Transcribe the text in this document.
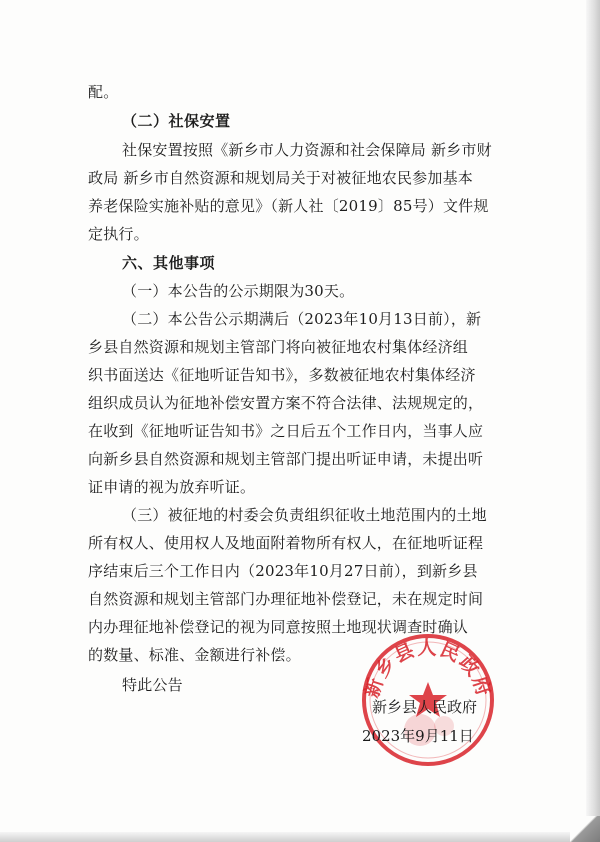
配。
（二）社保安置
社保安置按照《新乡市人力资源和社会保障局 新乡市财
政局 新乡市自然资源和规划局关于对被征地农民参加基本
养老保险实施补贴的意见》（新人社〔2019〕85号）文件规
定执行。
六、其他事项
（一）本公告的公示期限为30天。
（二）本公告公示期满后（2023年10月13日前），新
乡县自然资源和规划主管部门将向被征地农村集体经济组
织书面送达《征地听证告知书》，多数被征地农村集体经济
组织成员认为征地补偿安置方案不符合法律、法规规定的，
在收到《征地听证告知书》之日后五个工作日内，当事人应
向新乡县自然资源和规划主管部门提出听证申请，未提出听
证申请的视为放弃听证。
（三）被征地的村委会负责组织征收土地范围内的土地
所有权人、使用权人及地面附着物所有权人，在征地听证程
序结束后三个工作日内（2023年10月27日前），到新乡县
自然资源和规划主管部门办理征地补偿登记，未在规定时间
内办理征地补偿登记的视为同意按照土地现状调查时确认
的数量、标准、金额进行补偿。
特此公告	新乡县人民政府
新乡县人民政府
2023年9月11日
